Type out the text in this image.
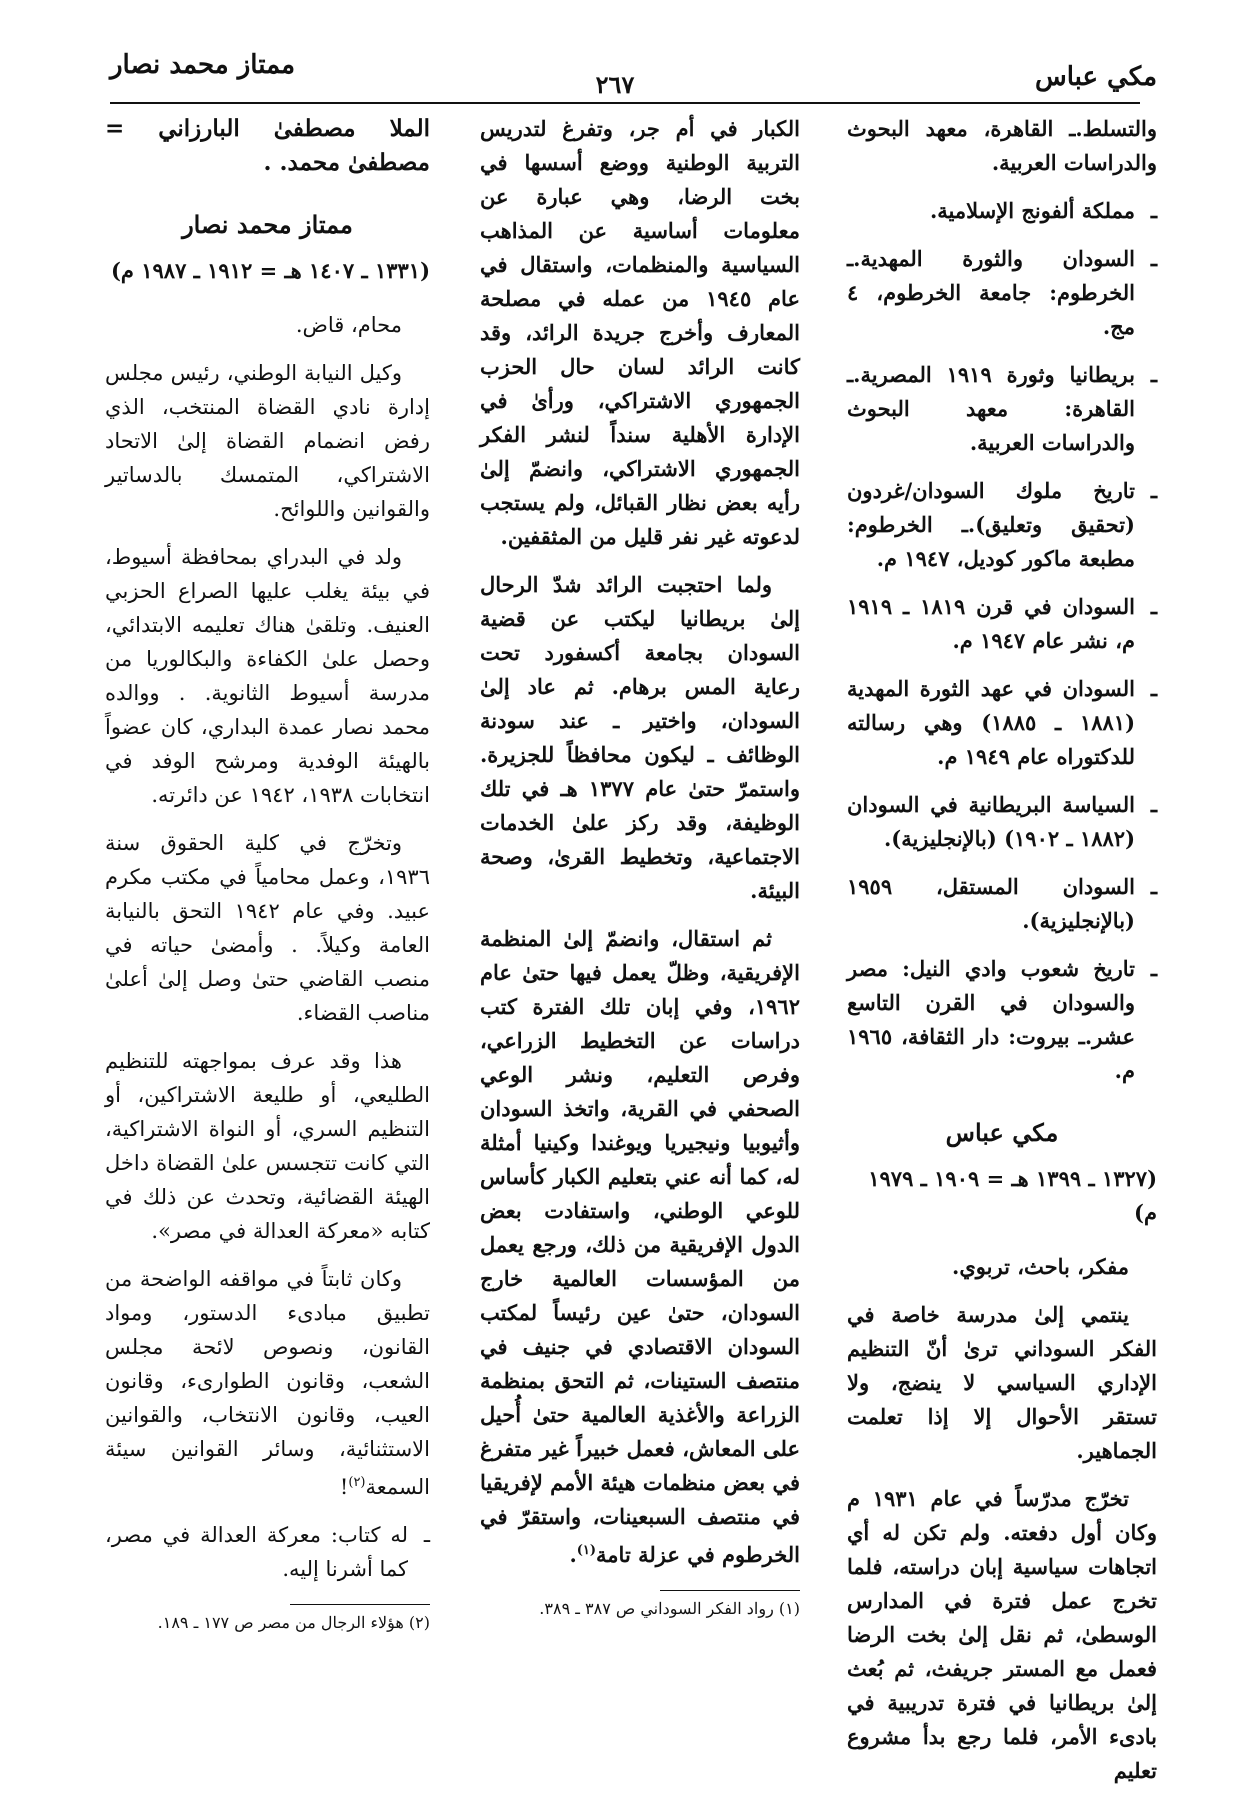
مكي عباس
٢٦٧
ممتاز محمد نصار

والتسلط.ـ القاهرة، معهد البحوث والدراسات العربية.

ـ
مملكة ألفونج الإسلامية.
ـ
السودان والثورة المهدية.ـ الخرطوم: جامعة الخرطوم، ٤ مج.
ـ
بريطانيا وثورة ١٩١٩ المصرية.ـ القاهرة: معهد البحوث والدراسات العربية.
ـ
تاريخ ملوك السودان/غردون (تحقيق وتعليق).ـ الخرطوم: مطبعة ماكور كوديل، ١٩٤٧ م.
ـ
السودان في قرن ١٨١٩ ـ ١٩١٩ م، نشر عام ١٩٤٧ م.
ـ
السودان في عهد الثورة المهدية (١٨٨١ ـ ١٨٨٥) وهي رسالته للدكتوراه عام ١٩٤٩ م.
ـ
السياسة البريطانية في السودان (١٨٨٢ ـ ١٩٠٢) (بالإنجليزية).
ـ
السودان المستقل، ١٩٥٩ (بالإنجليزية).
ـ
تاريخ شعوب وادي النيل: مصر والسودان في القرن التاسع عشر.ـ بيروت: دار الثقافة، ١٩٦٥ م.
مكي عباس
(١٣٢٧ ـ ١٣٩٩ هـ = ١٩٠٩ ـ ١٩٧٩ م)

مفكر، باحث، تربوي.

ينتمي إلىٰ مدرسة خاصة في الفكر السوداني ترىٰ أنّ التنظيم الإداري السياسي لا ينضج، ولا تستقر الأحوال إلا إذا تعلمت الجماهير.

تخرّج مدرّساً في عام ١٩٣١ م وكان أول دفعته. ولم تكن له أي اتجاهات سياسية إبان دراسته، فلما تخرج عمل فترة في المدارس الوسطىٰ، ثم نقل إلىٰ بخت الرضا فعمل مع المستر جريفث، ثم بُعث إلىٰ بريطانيا في فترة تدريبية في بادىء الأمر، فلما رجع بدأ مشروع تعليم

الكبار في أم جر، وتفرغ لتدريس التربية الوطنية ووضع أسسها في بخت الرضا، وهي عبارة عن معلومات أساسية عن المذاهب السياسية والمنظمات، واستقال في عام ١٩٤٥ من عمله في مصلحة المعارف وأخرج جريدة الرائد، وقد كانت الرائد لسان حال الحزب الجمهوري الاشتراكي، ورأىٰ في الإدارة الأهلية سنداً لنشر الفكر الجمهوري الاشتراكي، وانضمّ إلىٰ رأيه بعض نظار القبائل، ولم يستجب لدعوته غير نفر قليل من المثقفين.

ولما احتجبت الرائد شدّ الرحال إلىٰ بريطانيا ليكتب عن قضية السودان بجامعة أكسفورد تحت رعاية المس برهام. ثم عاد إلىٰ السودان، واختير ـ عند سودنة الوظائف ـ ليكون محافظاً للجزيرة. واستمرّ حتىٰ عام ١٣٧٧ هـ في تلك الوظيفة، وقد ركز علىٰ الخدمات الاجتماعية، وتخطيط القرىٰ، وصحة البيئة.

ثم استقال، وانضمّ إلىٰ المنظمة الإفريقية، وظلّ يعمل فيها حتىٰ عام ١٩٦٢، وفي إبان تلك الفترة كتب دراسات عن التخطيط الزراعي، وفرص التعليم، ونشر الوعي الصحفي في القرية، واتخذ السودان وأثيوبيا ونيجيريا ويوغندا وكينيا أمثلة له، كما أنه عني بتعليم الكبار كأساس للوعي الوطني، واستفادت بعض الدول الإفريقية من ذلك، ورجع يعمل من المؤسسات العالمية خارج السودان، حتىٰ عين رئيساً لمكتب السودان الاقتصادي في جنيف في منتصف الستينات، ثم التحق بمنظمة الزراعة والأغذية العالمية حتىٰ أُحيل على المعاش، فعمل خبيراً غير متفرغ في بعض منظمات هيئة الأمم لإفريقيا في منتصف السبعينات، واستقرّ في الخرطوم في عزلة تامة$^{(١)}$.

(١) رواد الفكر السوداني ص ٣٨٧ ـ ٣٨٩.

الملا مصطفىٰ البارزاني = مصطفىٰ محمد. .

ممتاز محمد نصار
(١٣٣١ ـ ١٤٠٧ هـ = ١٩١٢ ـ ١٩٨٧ م)

محام، قاض.

وكيل النيابة الوطني، رئيس مجلس إدارة نادي القضاة المنتخب، الذي رفض انضمام القضاة إلىٰ الاتحاد الاشتراكي، المتمسك بالدساتير والقوانين واللوائح.

ولد في البدراي بمحافظة أسيوط، في بيئة يغلب عليها الصراع الحزبي العنيف. وتلقىٰ هناك تعليمه الابتدائي، وحصل علىٰ الكفاءة والبكالوريا من مدرسة أسيوط الثانوية. . ووالده محمد نصار عمدة البداري، كان عضواً بالهيئة الوفدية ومرشح الوفد في انتخابات ١٩٣٨، ١٩٤٢ عن دائرته.

وتخرّج في كلية الحقوق سنة ١٩٣٦، وعمل محامياً في مكتب مكرم عبيد. وفي عام ١٩٤٢ التحق بالنيابة العامة وكيلاً. . وأمضىٰ حياته في منصب القاضي حتىٰ وصل إلىٰ أعلىٰ مناصب القضاء.

هذا وقد عرف بمواجهته للتنظيم الطليعي، أو طليعة الاشتراكين، أو التنظيم السري، أو النواة الاشتراكية، التي كانت تتجسس علىٰ القضاة داخل الهيئة القضائية، وتحدث عن ذلك في كتابه «معركة العدالة في مصر».

وكان ثابتاً في مواقفه الواضحة من تطبيق مبادىء الدستور، ومواد القانون، ونصوص لائحة مجلس الشعب، وقانون الطوارىء، وقانون العيب، وقانون الانتخاب، والقوانين الاستثنائية، وسائر القوانين سيئة السمعة$^{(٢)}$!

ـ
له كتاب: معركة العدالة في مصر، كما أشرنا إليه.

(٢) هؤلاء الرجال من مصر ص ١٧٧ ـ ١٨٩.
